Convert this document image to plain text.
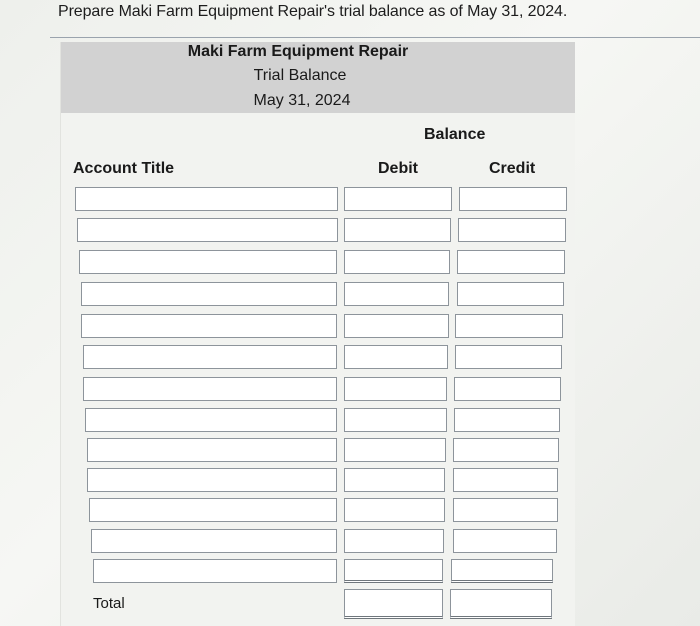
Prepare Maki Farm Equipment Repair's trial balance as of May 31, 2024.
Maki Farm Equipment Repair
Trial Balance
May 31, 2024
Balance
Account Title	Debit	Credit
Total
